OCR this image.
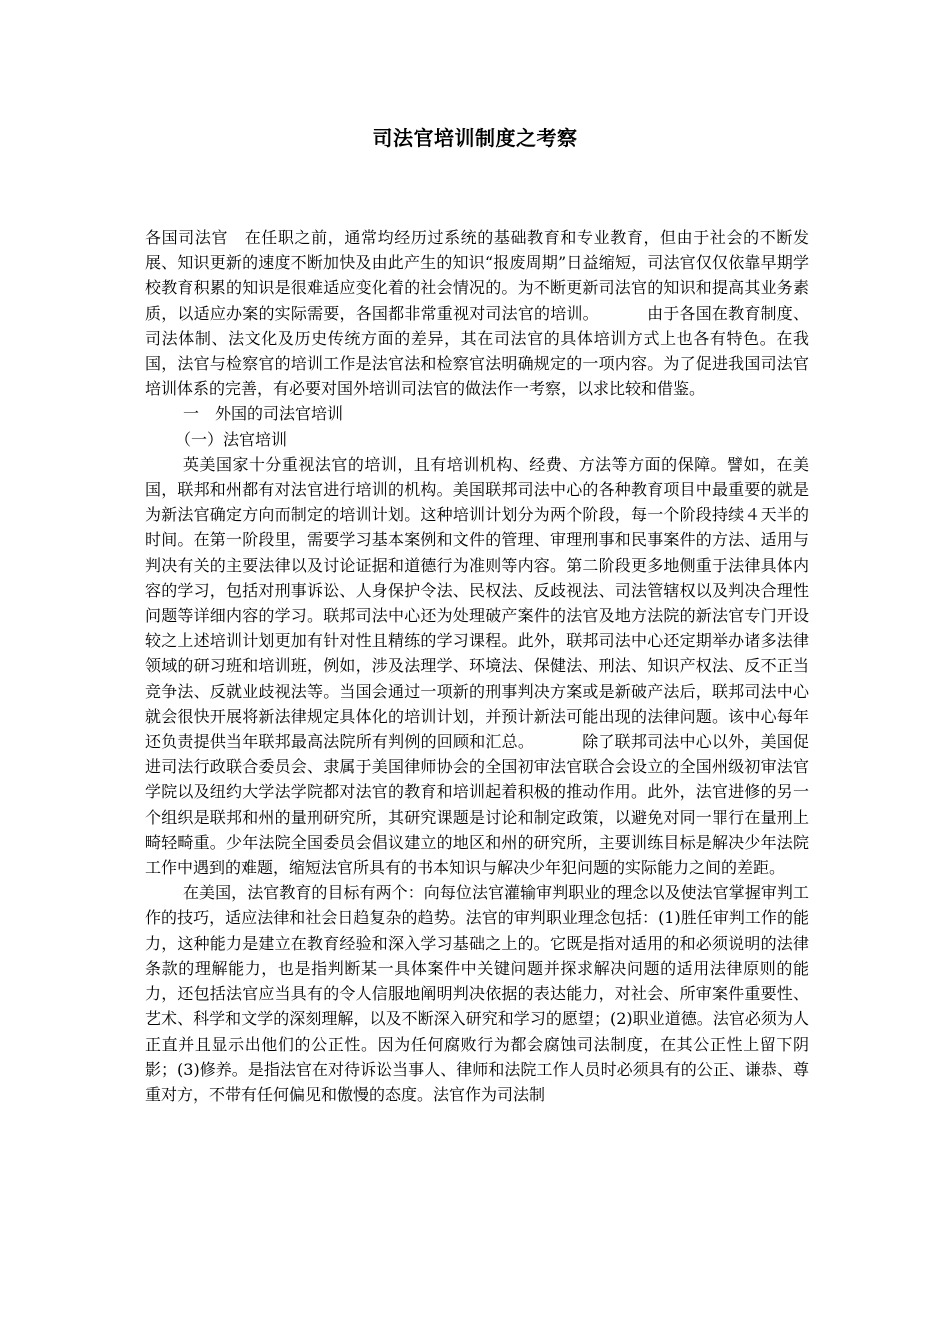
司法官培训制度之考察

各国司法官 在任职之前，通常均经历过系统的基础教育和专业教育，但由于社会的不断发展、知识更新的速度不断加快及由此产生的知识“报废周期”日益缩短，司法官仅仅依靠早期学校教育积累的知识是很难适应变化着的社会情况的。为不断更新司法官的知识和提高其业务素质，以适应办案的实际需要，各国都非常重视对司法官的培训。	由于各国在教育制度、司法体制、法文化及历史传统方面的差异，其在司法官的具体培训方式上也各有特色。在我国，法官与检察官的培训工作是法官法和检察官法明确规定的一项内容。为了促进我国司法官培训体系的完善，有必要对国外培训司法官的做法作一考察，以求比较和借鉴。

一 外国的司法官培训

（一）法官培训

英美国家十分重视法官的培训，且有培训机构、经费、方法等方面的保障。譬如，在美国，联邦和州都有对法官进行培训的机构。美国联邦司法中心的各种教育项目中最重要的就是为新法官确定方向而制定的培训计划。这种培训计划分为两个阶段，每一个阶段持续４天半的时间。在第一阶段里，需要学习基本案例和文件的管理、审理刑事和民事案件的方法、适用与判决有关的主要法律以及讨论证据和道德行为准则等内容。第二阶段更多地侧重于法律具体内容的学习，包括对刑事诉讼、人身保护令法、民权法、反歧视法、司法管辖权以及判决合理性问题等详细内容的学习。联邦司法中心还为处理破产案件的法官及地方法院的新法官专门开设较之上述培训计划更加有针对性且精练的学习课程。此外，联邦司法中心还定期举办诸多法律领域的研习班和培训班，例如，涉及法理学、环境法、保健法、刑法、知识产权法、反不正当竞争法、反就业歧视法等。当国会通过一项新的刑事判决方案或是新破产法后，联邦司法中心就会很快开展将新法律规定具体化的培训计划，并预计新法可能出现的法律问题。该中心每年还负责提供当年联邦最高法院所有判例的回顾和汇总。	除了联邦司法中心以外，美国促进司法行政联合委员会、隶属于美国律师协会的全国初审法官联合会设立的全国州级初审法官学院以及纽约大学法学院都对法官的教育和培训起着积极的推动作用。此外，法官进修的另一个组织是联邦和州的量刑研究所，其研究课题是讨论和制定政策，以避免对同一罪行在量刑上畸轻畸重。少年法院全国委员会倡议建立的地区和州的研究所，主要训练目标是解决少年法院工作中遇到的难题，缩短法官所具有的书本知识与解决少年犯问题的实际能力之间的差距。

在美国，法官教育的目标有两个：向每位法官灌输审判职业的理念以及使法官掌握审判工作的技巧，适应法律和社会日趋复杂的趋势。法官的审判职业理念包括：(1)胜任审判工作的能力，这种能力是建立在教育经验和深入学习基础之上的。它既是指对适用的和必须说明的法律条款的理解能力，也是指判断某一具体案件中关键问题并探求解决问题的适用法律原则的能力，还包括法官应当具有的令人信服地阐明判决依据的表达能力，对社会、所审案件重要性、艺术、科学和文学的深刻理解，以及不断深入研究和学习的愿望；(2)职业道德。法官必须为人正直并且显示出他们的公正性。因为任何腐败行为都会腐蚀司法制度，在其公正性上留下阴影；(3)修养。是指法官在对待诉讼当事人、律师和法院工作人员时必须具有的公正、谦恭、尊重对方，不带有任何偏见和傲慢的态度。法官作为司法制
